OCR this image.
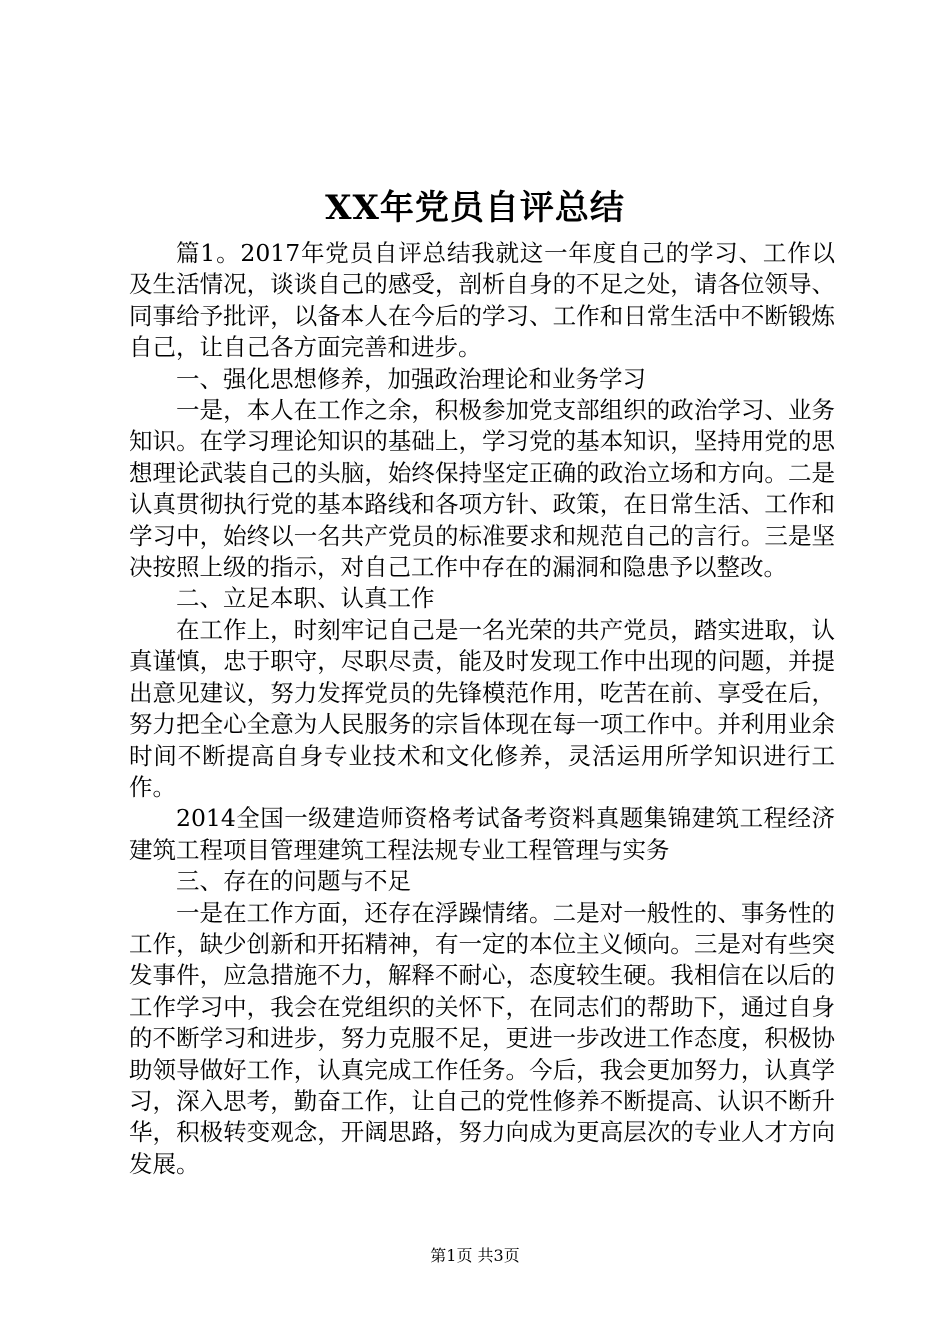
XX年党员自评总结

篇1。2017年党员自评总结我就这一年度自己的学习、工作以及生活情况，谈谈自己的感受，剖析自身的不足之处，请各位领导、同事给予批评，以备本人在今后的学习、工作和日常生活中不断锻炼自己，让自己各方面完善和进步。

一、强化思想修养，加强政治理论和业务学习

一是，本人在工作之余，积极参加党支部组织的政治学习、业务知识。在学习理论知识的基础上，学习党的基本知识，坚持用党的思想理论武装自己的头脑，始终保持坚定正确的政治立场和方向。二是认真贯彻执行党的基本路线和各项方针、政策，在日常生活、工作和学习中，始终以一名共产党员的标准要求和规范自己的言行。三是坚决按照上级的指示，对自己工作中存在的漏洞和隐患予以整改。

二、立足本职、认真工作

在工作上，时刻牢记自己是一名光荣的共产党员，踏实进取，认真谨慎，忠于职守，尽职尽责，能及时发现工作中出现的问题，并提出意见建议，努力发挥党员的先锋模范作用，吃苦在前、享受在后，努力把全心全意为人民服务的宗旨体现在每一项工作中。并利用业余时间不断提高自身专业技术和文化修养，灵活运用所学知识进行工作。

2014全国一级建造师资格考试备考资料真题集锦建筑工程经济建筑工程项目管理建筑工程法规专业工程管理与实务

三、存在的问题与不足

一是在工作方面，还存在浮躁情绪。二是对一般性的、事务性的工作，缺少创新和开拓精神，有一定的本位主义倾向。三是对有些突发事件，应急措施不力，解释不耐心，态度较生硬。我相信在以后的工作学习中，我会在党组织的关怀下，在同志们的帮助下，通过自身的不断学习和进步，努力克服不足，更进一步改进工作态度，积极协助领导做好工作，认真完成工作任务。今后，我会更加努力，认真学习，深入思考，勤奋工作，让自己的党性修养不断提高、认识不断升华，积极转变观念，开阔思路，努力向成为更高层次的专业人才方向发展。

第1页 共3页
